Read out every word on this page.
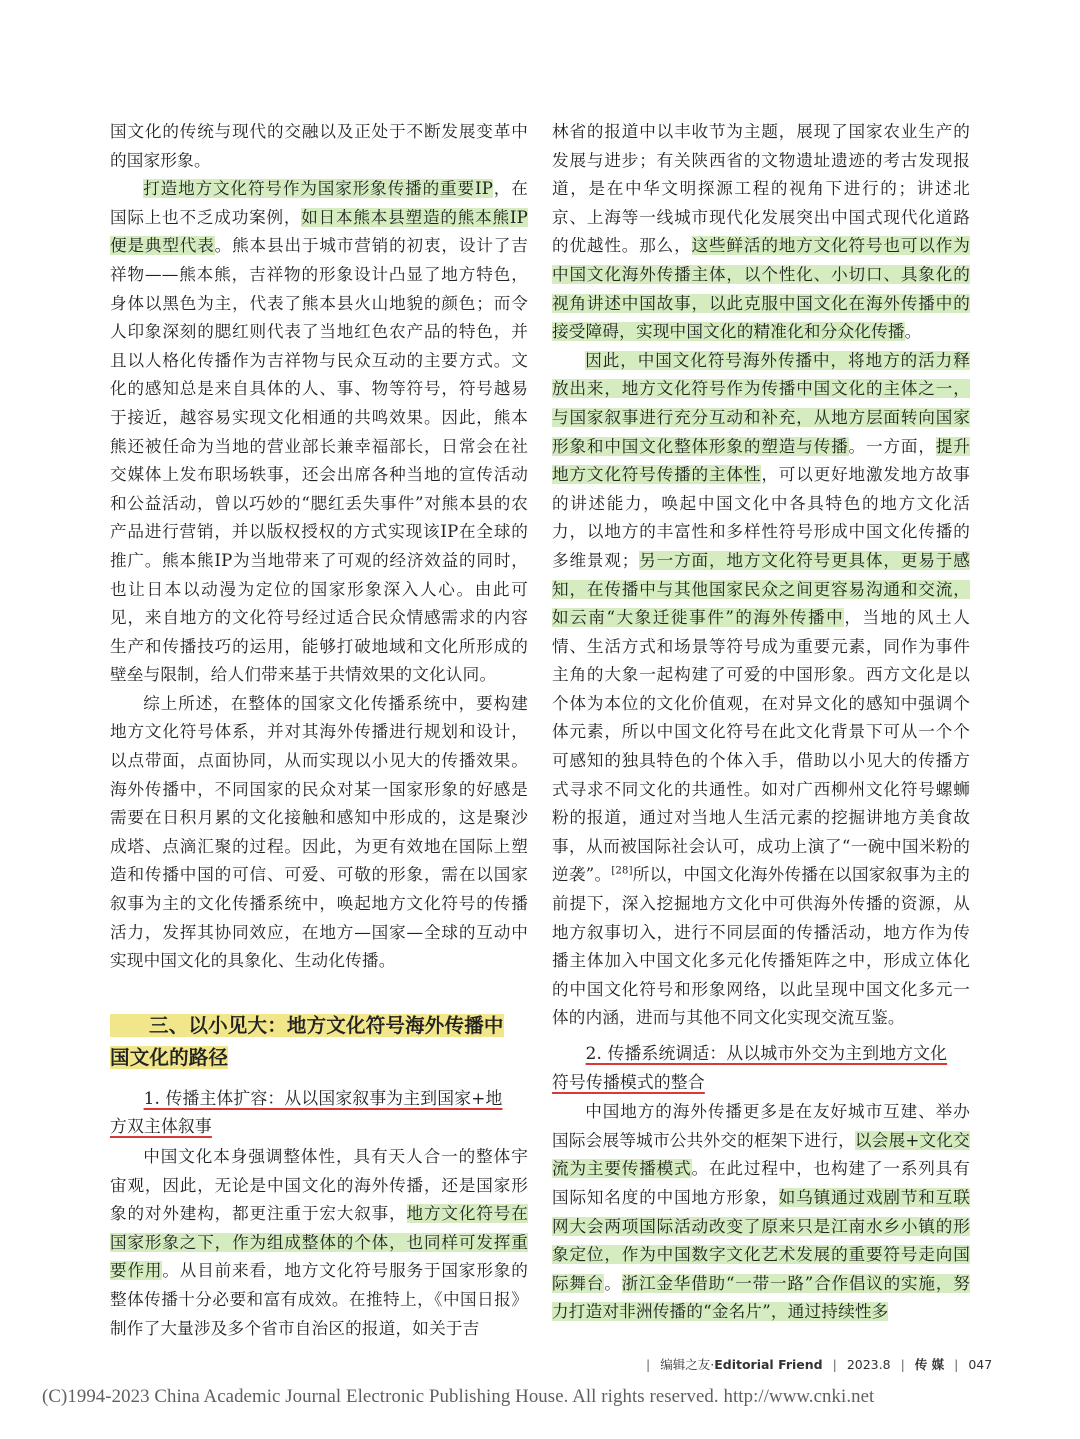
国文化的传统与现代的交融以及正处于不断发展变革中的国家形象。

打造地方文化符号作为国家形象传播的重要IP，在国际上也不乏成功案例，如日本熊本县塑造的熊本熊IP便是典型代表。熊本县出于城市营销的初衷，设计了吉祥物——熊本熊，吉祥物的形象设计凸显了地方特色，身体以黑色为主，代表了熊本县火山地貌的颜色；而令人印象深刻的腮红则代表了当地红色农产品的特色，并且以人格化传播作为吉祥物与民众互动的主要方式。文化的感知总是来自具体的人、事、物等符号，符号越易于接近，越容易实现文化相通的共鸣效果。因此，熊本熊还被任命为当地的营业部长兼幸福部长，日常会在社交媒体上发布职场轶事，还会出席各种当地的宣传活动和公益活动，曾以巧妙的“腮红丢失事件”对熊本县的农产品进行营销，并以版权授权的方式实现该IP在全球的推广。熊本熊IP为当地带来了可观的经济效益的同时，也让日本以动漫为定位的国家形象深入人心。由此可见，来自地方的文化符号经过适合民众情感需求的内容生产和传播技巧的运用，能够打破地域和文化所形成的壁垒与限制，给人们带来基于共情效果的文化认同。

综上所述，在整体的国家文化传播系统中，要构建地方文化符号体系，并对其海外传播进行规划和设计，以点带面，点面协同，从而实现以小见大的传播效果。海外传播中，不同国家的民众对某一国家形象的好感是需要在日积月累的文化接触和感知中形成的，这是聚沙成塔、点滴汇聚的过程。因此，为更有效地在国际上塑造和传播中国的可信、可爱、可敬的形象，需在以国家叙事为主的文化传播系统中，唤起地方文化符号的传播活力，发挥其协同效应，在地方—国家—全球的互动中实现中国文化的具象化、生动化传播。

三、以小见大：地方文化符号海外传播中
国文化的路径
1. 传播主体扩容：从以国家叙事为主到国家+地
方双主体叙事

中国文化本身强调整体性，具有天人合一的整体宇宙观，因此，无论是中国文化的海外传播，还是国家形象的对外建构，都更注重于宏大叙事，地方文化符号在国家形象之下，作为组成整体的个体，也同样可发挥重要作用。从目前来看，地方文化符号服务于国家形象的整体传播十分必要和富有成效。在推特上，《中国日报》制作了大量涉及多个省市自治区的报道，如关于吉

林省的报道中以丰收节为主题，展现了国家农业生产的发展与进步；有关陕西省的文物遗址遗迹的考古发现报道，是在中华文明探源工程的视角下进行的；讲述北京、上海等一线城市现代化发展突出中国式现代化道路的优越性。那么，这些鲜活的地方文化符号也可以作为中国文化海外传播主体，以个性化、小切口、具象化的视角讲述中国故事，以此克服中国文化在海外传播中的接受障碍，实现中国文化的精准化和分众化传播。

因此，中国文化符号海外传播中，将地方的活力释放出来，地方文化符号作为传播中国文化的主体之一，与国家叙事进行充分互动和补充，从地方层面转向国家形象和中国文化整体形象的塑造与传播。一方面，提升地方文化符号传播的主体性，可以更好地激发地方故事的讲述能力，唤起中国文化中各具特色的地方文化活力，以地方的丰富性和多样性符号形成中国文化传播的多维景观；另一方面，地方文化符号更具体，更易于感知，在传播中与其他国家民众之间更容易沟通和交流，如云南“大象迁徙事件”的海外传播中，当地的风土人情、生活方式和场景等符号成为重要元素，同作为事件主角的大象一起构建了可爱的中国形象。西方文化是以个体为本位的文化价值观，在对异文化的感知中强调个体元素，所以中国文化符号在此文化背景下可从一个个可感知的独具特色的个体入手，借助以小见大的传播方式寻求不同文化的共通性。如对广西柳州文化符号螺蛳粉的报道，通过对当地人生活元素的挖掘讲地方美食故事，从而被国际社会认可，成功上演了“一碗中国米粉的逆袭”。[28]所以，中国文化海外传播在以国家叙事为主的前提下，深入挖掘地方文化中可供海外传播的资源，从地方叙事切入，进行不同层面的传播活动，地方作为传播主体加入中国文化多元化传播矩阵之中，形成立体化的中国文化符号和形象网络，以此呈现中国文化多元一体的内涵，进而与其他不同文化实现交流互鉴。

2. 传播系统调适：从以城市外交为主到地方文化
符号传播模式的整合

中国地方的海外传播更多是在友好城市互建、举办国际会展等城市公共外交的框架下进行，以会展+文化交流为主要传播模式。在此过程中，也构建了一系列具有国际知名度的中国地方形象，如乌镇通过戏剧节和互联网大会两项国际活动改变了原来只是江南水乡小镇的形象定位，作为中国数字文化艺术发展的重要符号走向国际舞台。浙江金华借助“一带一路”合作倡议的实施，努力打造对非洲传播的“金名片”，通过持续性多

| 编辑之友·Editorial Friend | 2023.8 | 传 媒 | 047
(C)1994-2023 China Academic Journal Electronic Publishing House. All rights reserved. http://www.cnki.net
